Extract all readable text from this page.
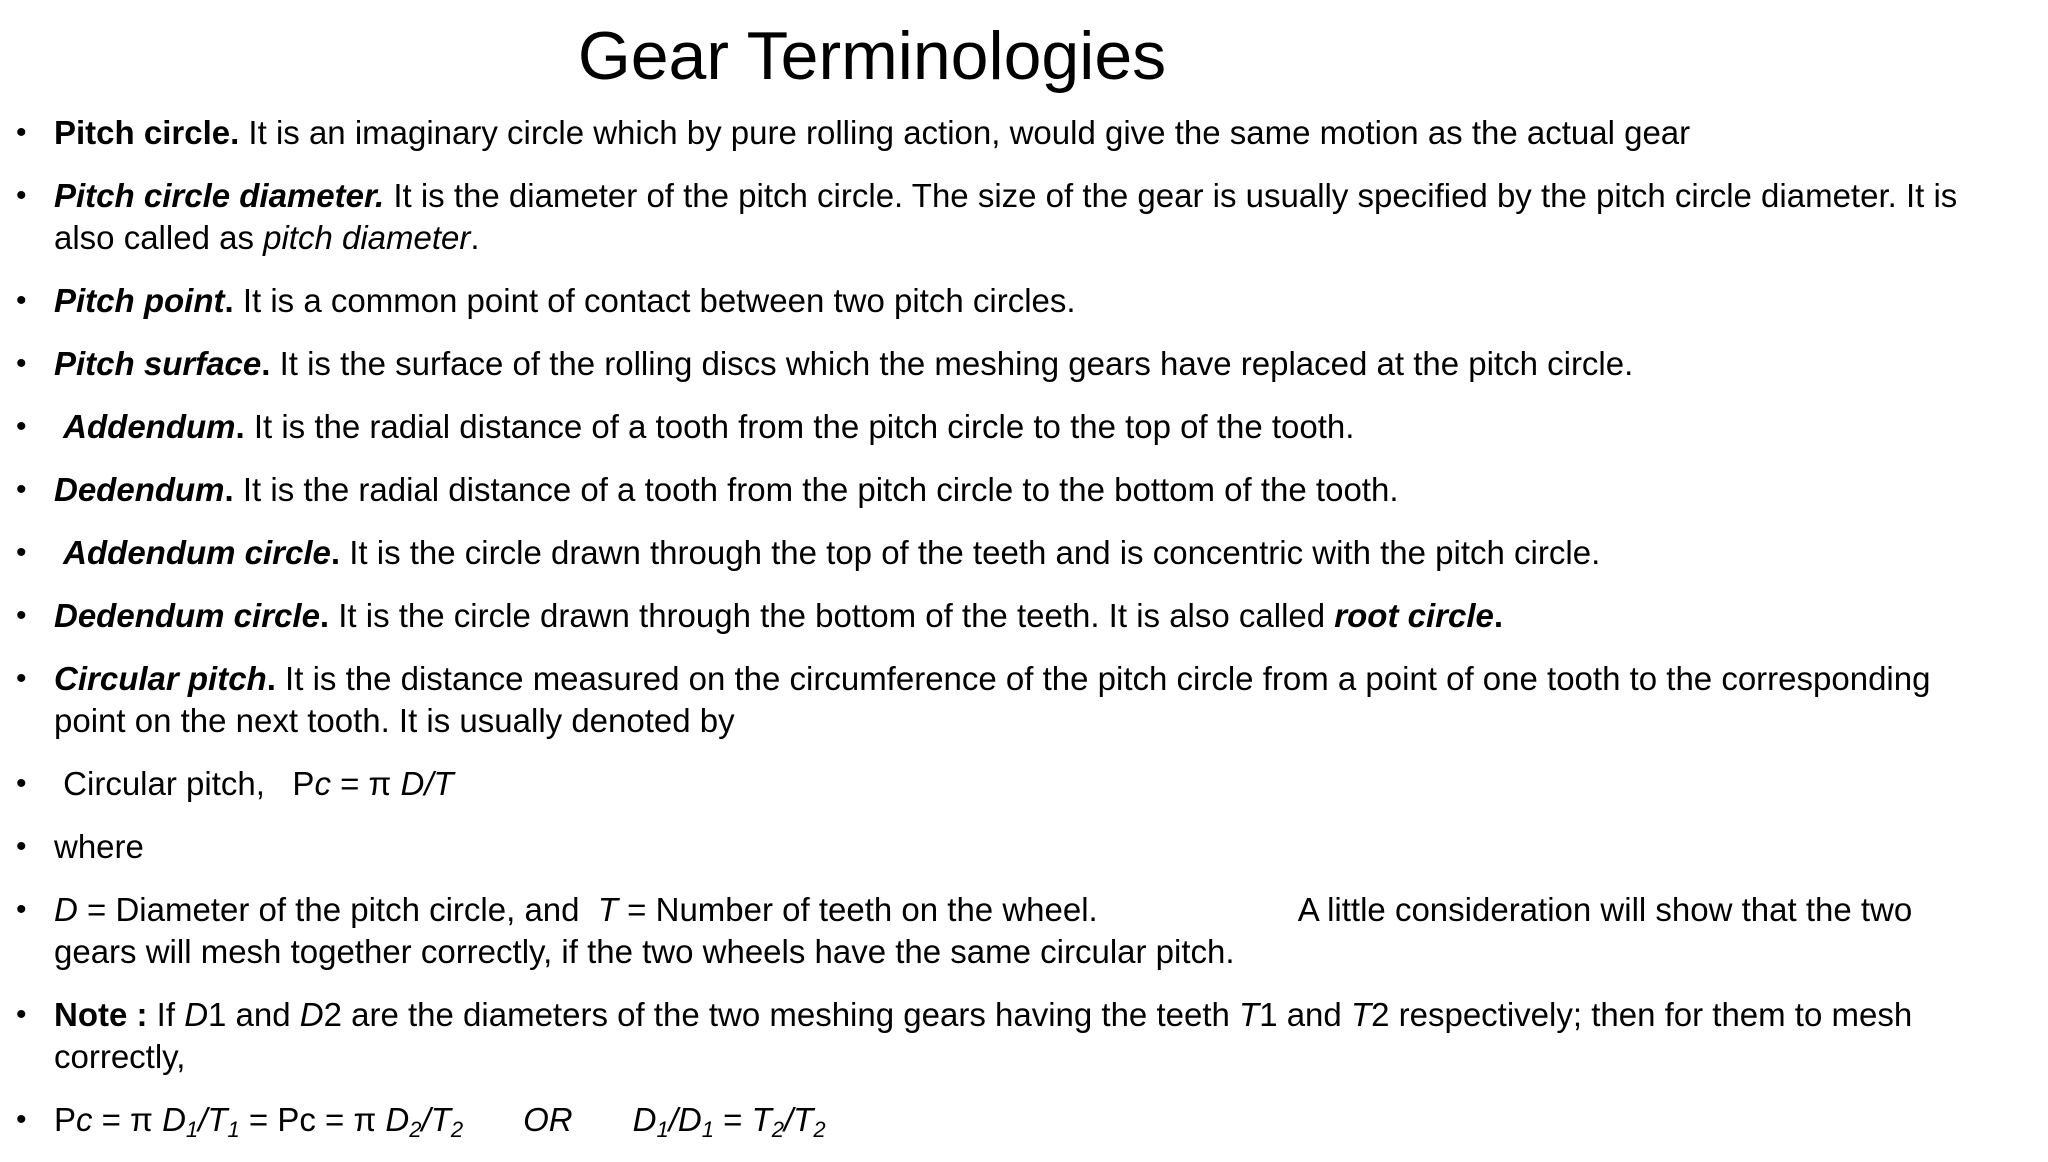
Gear Terminologies
• Pitch circle. It is an imaginary circle which by pure rolling action, would give the same motion as the actual gear
• Pitch circle diameter. It is the diameter of the pitch circle. The size of the gear is usually specified by the pitch circle diameter. It is also called as pitch diameter.
• Pitch point. It is a common point of contact between two pitch circles.
• Pitch surface. It is the surface of the rolling discs which the meshing gears have replaced at the pitch circle.
• Addendum. It is the radial distance of a tooth from the pitch circle to the top of the tooth.
• Dedendum. It is the radial distance of a tooth from the pitch circle to the bottom of the tooth.
• Addendum circle. It is the circle drawn through the top of the teeth and is concentric with the pitch circle.
• Dedendum circle. It is the circle drawn through the bottom of the teeth. It is also called root circle.
• Circular pitch. It is the distance measured on the circumference of the pitch circle from a point of one tooth to the corresponding point on the next tooth. It is usually denoted by
• Circular pitch, Pc = π D/T
• where
• D = Diameter of the pitch circle, and  T = Number of teeth on the wheel.	A little consideration will show that the two gears will mesh together correctly, if the two wheels have the same circular pitch.
• Note : If D1 and D2 are the diameters of the two meshing gears having the teeth T1 and T2 respectively; then for them to mesh correctly,
• Pc = π $D_1/T_1 = Pc = \pi$ $D_2/T_2$ OR $D_1/D_1 = T_2/T_2$
